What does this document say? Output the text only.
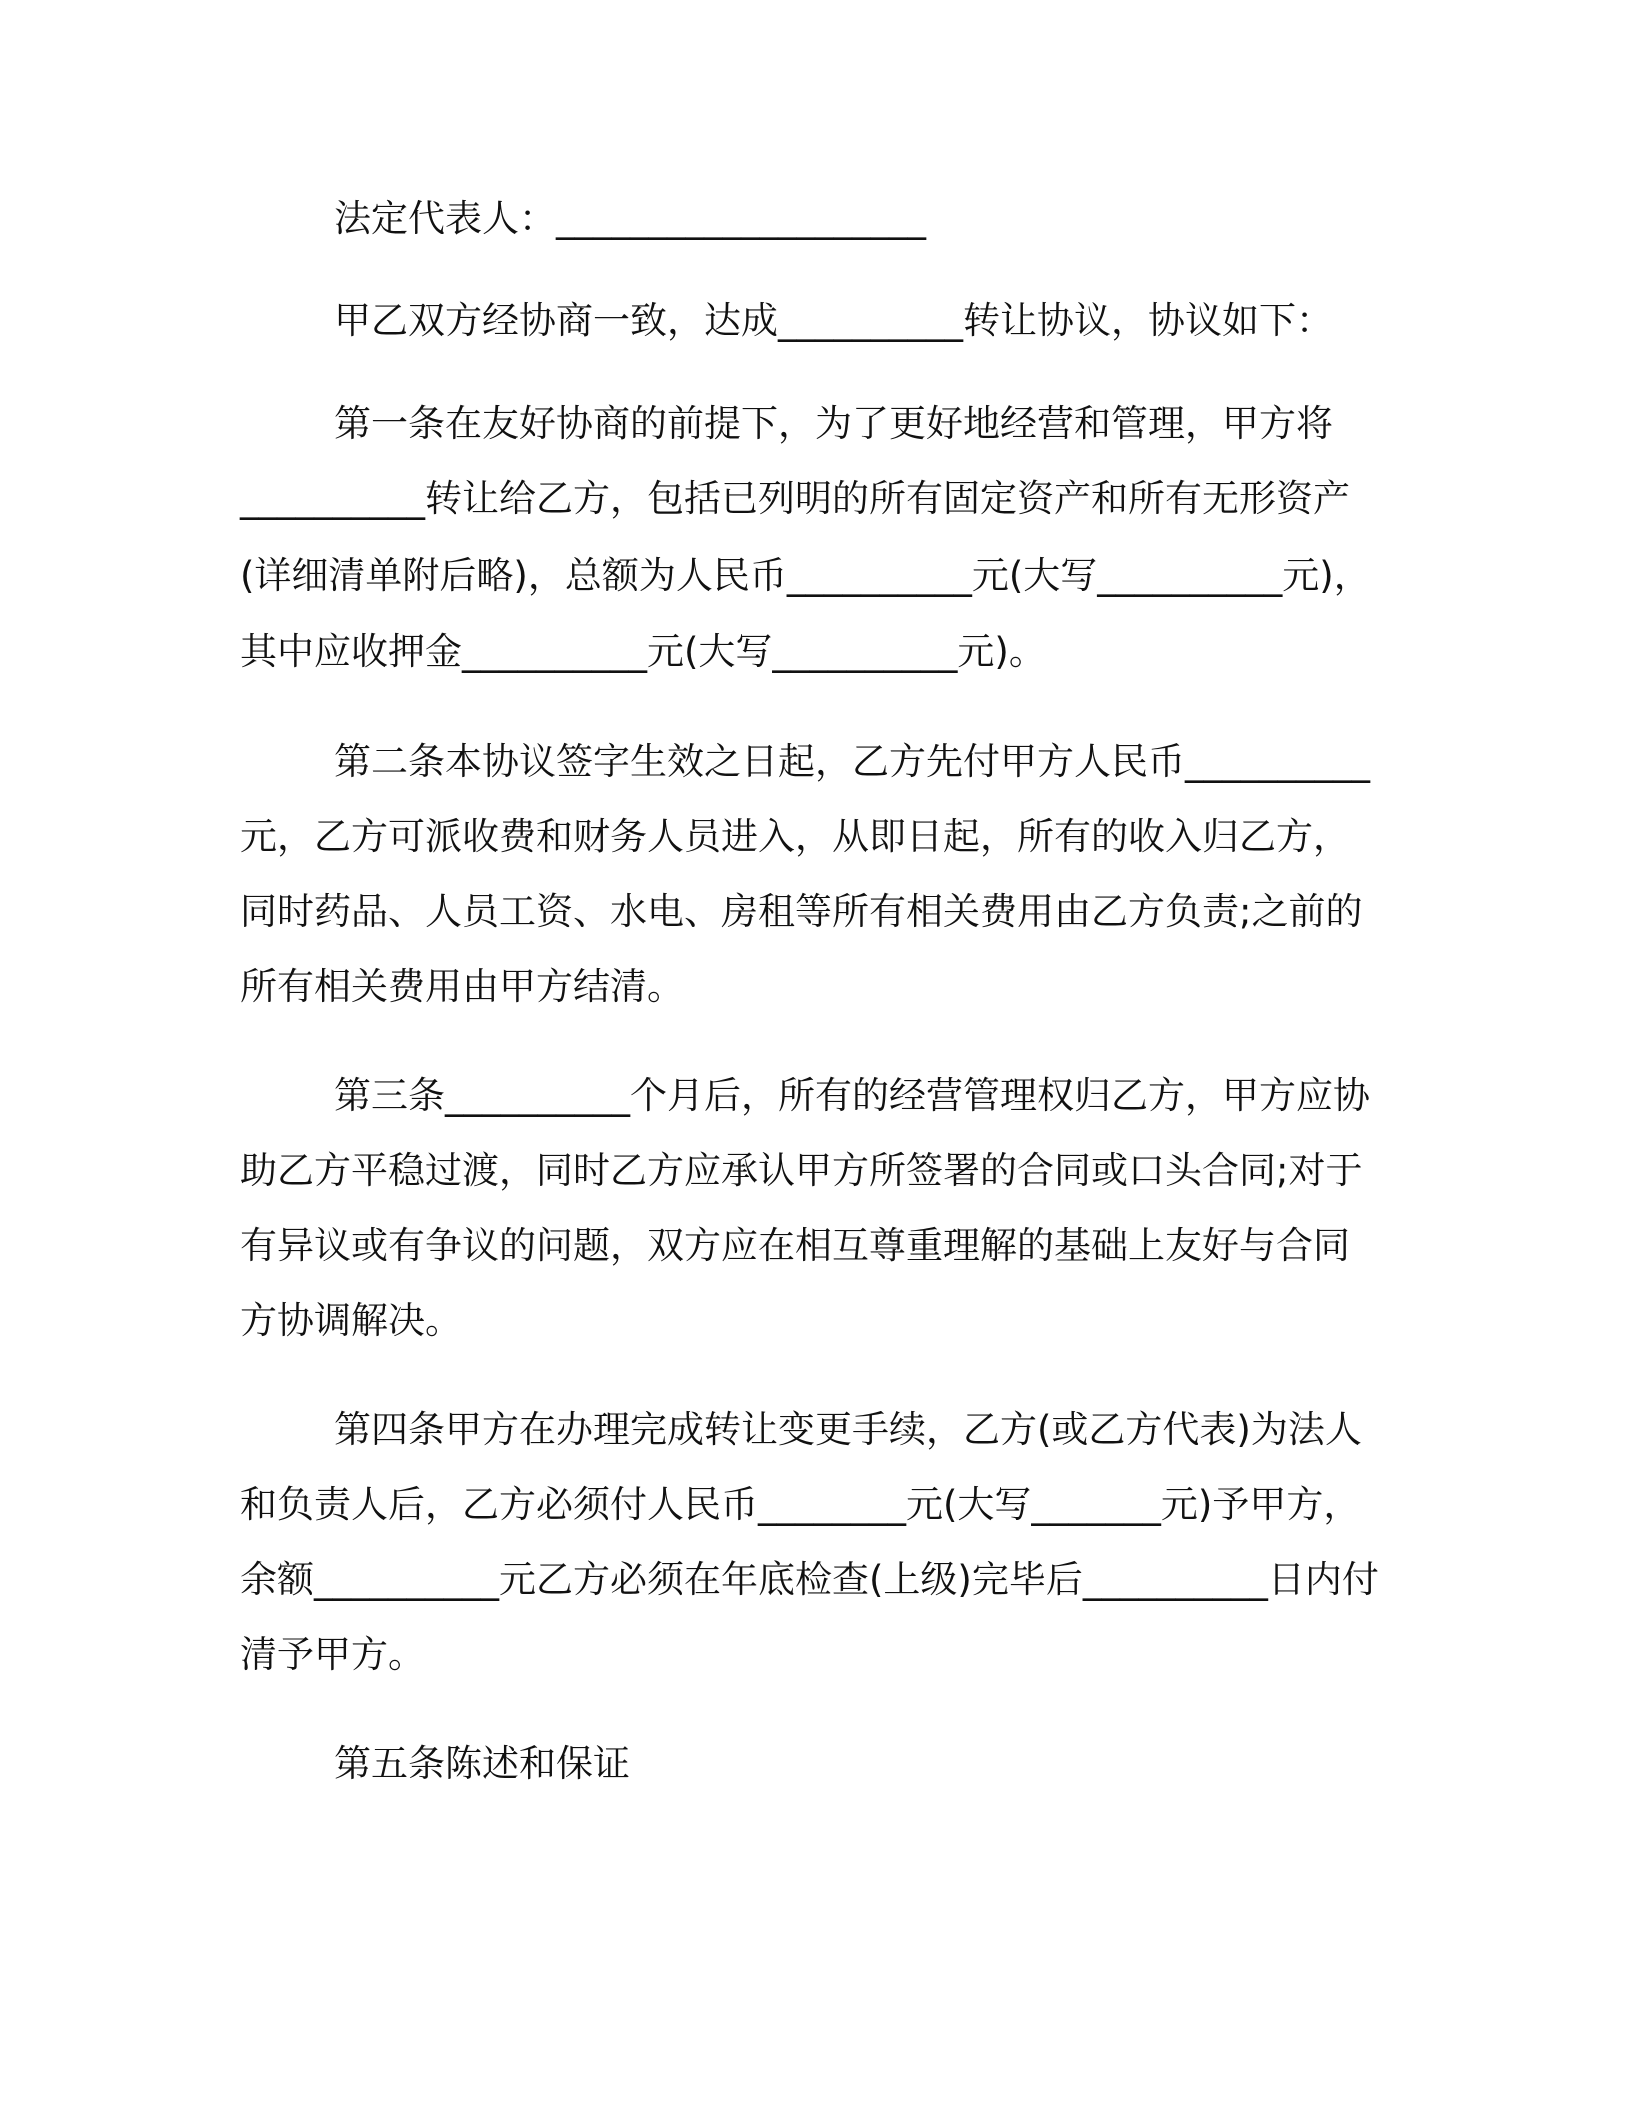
法定代表人：____________________
甲乙双方经协商一致，达成__________转让协议，协议如下：
第一条在友好协商的前提下，为了更好地经营和管理，甲方将
__________转让给乙方，包括已列明的所有固定资产和所有无形资产
(详细清单附后略)，总额为人民币__________元(大写__________元)，
其中应收押金__________元(大写__________元)。
第二条本协议签字生效之日起，乙方先付甲方人民币__________
元，乙方可派收费和财务人员进入，从即日起，所有的收入归乙方，
同时药品、人员工资、水电、房租等所有相关费用由乙方负责;之前的
所有相关费用由甲方结清。
第三条__________个月后，所有的经营管理权归乙方，甲方应协
助乙方平稳过渡，同时乙方应承认甲方所签署的合同或口头合同;对于
有异议或有争议的问题，双方应在相互尊重理解的基础上友好与合同
方协调解决。
第四条甲方在办理完成转让变更手续，乙方(或乙方代表)为法人
和负责人后，乙方必须付人民币________元(大写_______元)予甲方，
余额__________元乙方必须在年底检查(上级)完毕后__________日内付
清予甲方。
第五条陈述和保证
